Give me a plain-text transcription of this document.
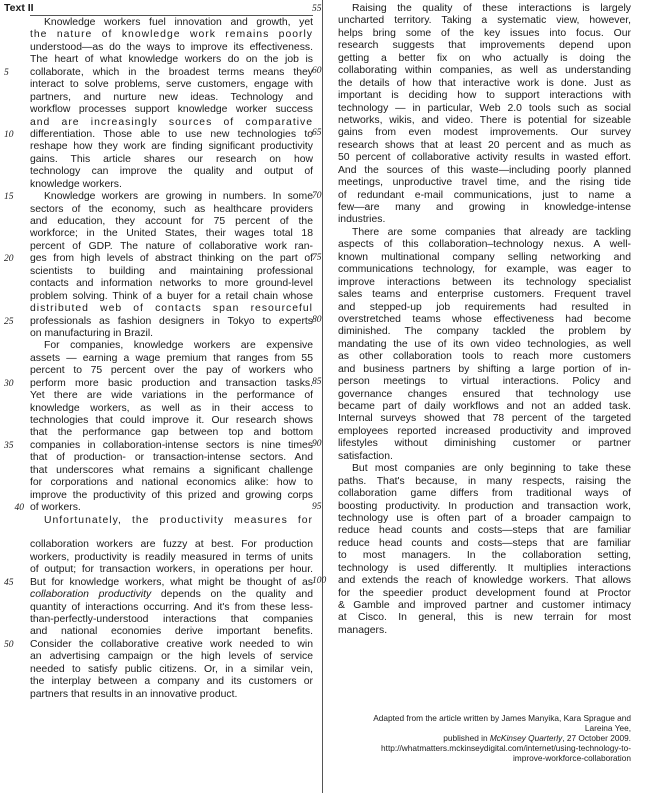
Text II
Knowledge workers fuel innovation and growth, yet
the nature of knowledge work remains poorly
understood—as do the ways to improve its effectiveness.
The heart of what knowledge workers do on the job is
5	collaborate, which in the broadest terms means they
interact to solve problems, serve customers, engage with
partners, and nurture new ideas. Technology and
workflow processes support knowledge worker success
and are increasingly sources of comparative
10	differentiation. Those able to use new technologies to
reshape how they work are finding significant productivity
gains. This article shares our research on how
technology can improve the quality and output of
knowledge workers.
15	Knowledge workers are growing in numbers. In some
sectors of the economy, such as healthcare providers
and education, they account for 75 percent of the
workforce; in the United States, their wages total 18
percent of GDP. The nature of collaborative work ran-
20	ges from high levels of abstract thinking on the part of
scientists to building and maintaining professional
contacts and information networks to more ground-level
problem solving. Think of a buyer for a retail chain whose
distributed web of contacts span resourceful
25	professionals as fashion designers in Tokyo to experts
on manufacturing in Brazil.
For companies, knowledge workers are expensive
assets — earning a wage premium that ranges from 55
percent to 75 percent over the pay of workers who
30	perform more basic production and transaction tasks.
Yet there are wide variations in the performance of
knowledge workers, as well as in their access to
technologies that could improve it. Our research shows
that the performance gap between top and bottom
35	companies in collaboration-intense sectors is nine times
that of production- or transaction-intense sectors. And
that underscores what remains a significant challenge
for corporations and national economics alike: how to
improve the productivity of this prized and growing corps
40 of workers.
Unfortunately, the productivity measures for
collaboration workers are fuzzy at best. For production
workers, productivity is readily measured in terms of units
of output; for transaction workers, in operations per hour.
45	But for knowledge workers, what might be thought of as
collaboration productivity depends on the quality and
quantity of interactions occurring. And it's from these less-
than-perfectly-understood interactions that companies
and national economies derive important benefits.
50	Consider the collaborative creative work needed to win
an advertising campaign or the high levels of service
needed to satisfy public citizens. Or, in a similar vein,
the interplay between a company and its customers or
partners that results in an innovative product.
55	Raising the quality of these interactions is largely
uncharted territory. Taking a systematic view, however,
helps bring some of the key issues into focus. Our
research suggests that improvements depend upon
getting a better fix on who actually is doing the
60	collaborating within companies, as well as understanding
the details of how that interactive work is done. Just as
important is deciding how to support interactions with
technology — in particular, Web 2.0 tools such as social
networks, wikis, and video. There is potential for sizeable
65	gains from even modest improvements. Our survey
research shows that at least 20 percent and as much as
50 percent of collaborative activity results in wasted effort.
And the sources of this waste—including poorly planned
meetings, unproductive travel time, and the rising tide
70	of redundant e-mail communications, just to name a
few—are many and growing in knowledge-intense
industries.
There are some companies that already are tackling
aspects of this collaboration–technology nexus. A well-
75	known multinational company selling networking and
communications technology, for example, was eager to
improve interactions between its technology specialist
sales teams and enterprise customers. Frequent travel
and stepped-up job requirements had resulted in
80	overstretched teams whose effectiveness had become
diminished. The company tackled the problem by
mandating the use of its own video technologies, as well
as other collaboration tools to reach more customers
and business partners by shifting a large portion of in-
85	person meetings to virtual interactions. Policy and
governance changes ensured that technology use
became part of daily workflows and not an added task.
Internal surveys showed that 78 percent of the targeted
employees reported increased productivity and improved
90	lifestyles without diminishing customer or partner
satisfaction.
But most companies are only beginning to take these
paths. That's because, in many respects, raising the
collaboration game differs from traditional ways of
95	boosting productivity. In production and transaction work,
technology use is often part of a broader campaign to
reduce head counts and costs—steps that are familiar
reduce head counts and costs—steps that are familiar
to most managers. In the collaboration setting,
technology is used differently. It multiplies interactions
100	and extends the reach of knowledge workers. That allows
for the speedier product development found at Proctor
& Gamble and improved partner and customer intimacy
at Cisco. In general, this is new terrain for most
managers.
Adapted from the article written by James Manyika, Kara Sprague and
Lareina Yee,
published in McKinsey Quarterly, 27 October 2009.
http://whatmatters.mckinseydigital.com/internet/using-technology-to-
improve-workforce-collaboration
